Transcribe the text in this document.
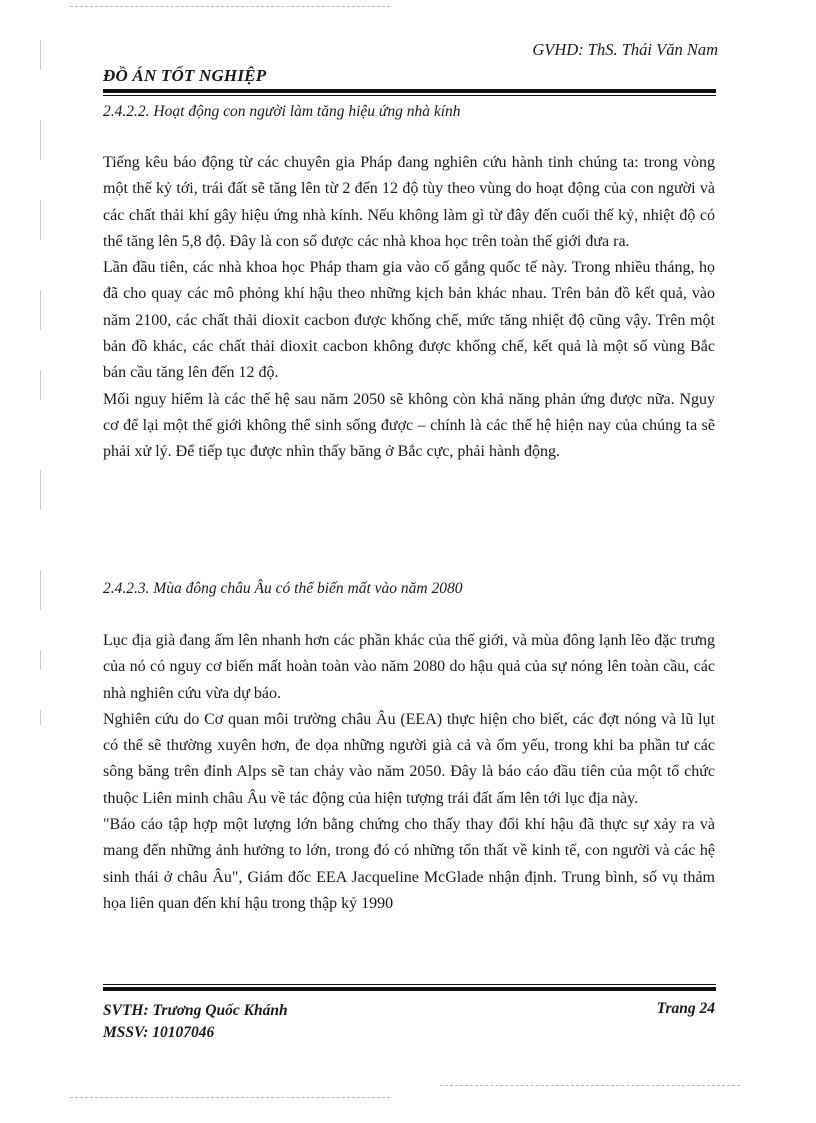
GVHD: ThS. Thái Văn Nam
ĐỒ ÁN TỐT NGHIỆP
2.4.2.2. Hoạt động con người làm tăng hiệu ứng nhà kính

Tiếng kêu báo động từ các chuyên gia Pháp đang nghiên cứu hành tinh chúng ta: trong vòng một thế kỷ tới, trái đất sẽ tăng lên từ 2 đến 12 độ tùy theo vùng do hoạt động của con người và các chất thải khí gây hiệu ứng nhà kính. Nếu không làm gì từ đây đến cuối thế kỷ, nhiệt độ có thể tăng lên 5,8 độ. Đây là con số được các nhà khoa học trên toàn thế giới đưa ra.

Lần đầu tiên, các nhà khoa học Pháp tham gia vào cố gắng quốc tế này. Trong nhiều tháng, họ đã cho quay các mô phỏng khí hậu theo những kịch bản khác nhau. Trên bản đồ kết quả, vào năm 2100, các chất thải dioxit cacbon được khống chế, mức tăng nhiệt độ cũng vậy. Trên một bản đồ khác, các chất thải dioxit cacbon không được khống chế, kết quả là một số vùng Bắc bán cầu tăng lên đến 12 độ.

Mối nguy hiểm là các thế hệ sau năm 2050 sẽ không còn khả năng phản ứng được nữa. Nguy cơ để lại một thế giới không thể sinh sống được – chính là các thế hệ hiện nay của chúng ta sẽ phải xử lý. Để tiếp tục được nhìn thấy băng ở Bắc cực, phải hành động.

2.4.2.3. Mùa đông châu Âu có thể biến mất vào năm 2080

Lục địa già đang ấm lên nhanh hơn các phần khác của thế giới, và mùa đông lạnh lẽo đặc trưng của nó có nguy cơ biến mất hoàn toàn vào năm 2080 do hậu quả của sự nóng lên toàn cầu, các nhà nghiên cứu vừa dự báo.

Nghiên cứu do Cơ quan môi trường châu Âu (EEA) thực hiện cho biết, các đợt nóng và lũ lụt có thể sẽ thường xuyên hơn, đe dọa những người già cả và ốm yếu, trong khi ba phần tư các sông băng trên đỉnh Alps sẽ tan chảy vào năm 2050. Đây là báo cáo đầu tiên của một tổ chức thuộc Liên minh châu Âu về tác động của hiện tượng trái đất ấm lên tới lục địa này.

"Báo cáo tập hợp một lượng lớn bằng chứng cho thấy thay đổi khí hậu đã thực sự xảy ra và mang đến những ảnh hưởng to lớn, trong đó có những tổn thất về kinh tế, con người và các hệ sinh thái ở châu Âu", Giám đốc EEA Jacqueline McGlade nhận định. Trung bình, số vụ thảm họa liên quan đến khí hậu trong thập kỷ 1990

SVTH: Trương Quốc Khánh
MSSV: 10107046
Trang 24
